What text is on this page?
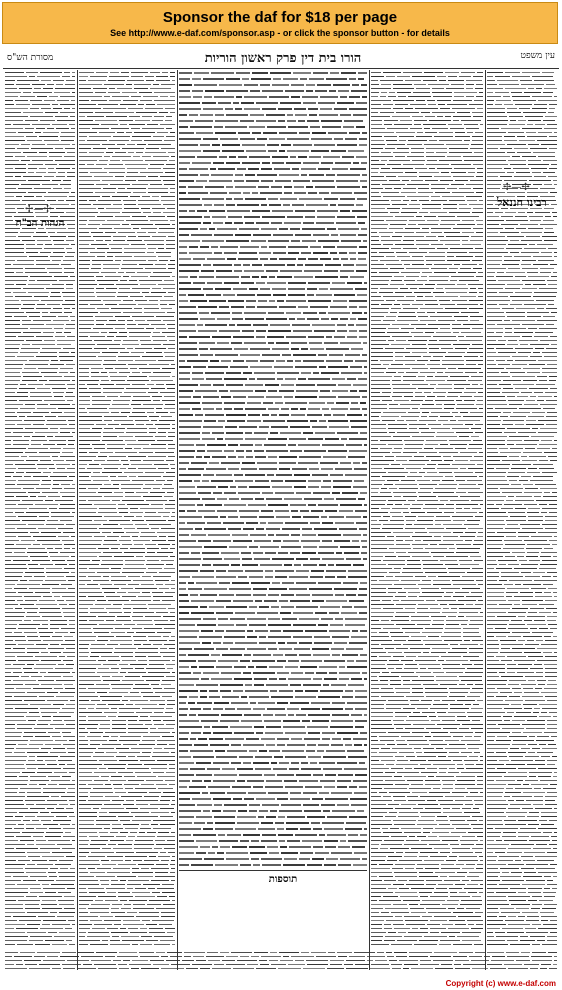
Sponsor the daf for $18 per page
See http://www.e-daf.com/sponsor.asp - or click the sponsor button - for details
מסורת הש"ס	הורו בית דין פרק ראשון הוריות	עין משפט
הגהות הב"ח
רבינו חננאל
תוספות
✢—✢
✢—✢
Copyright (c) www.e-daf.com
